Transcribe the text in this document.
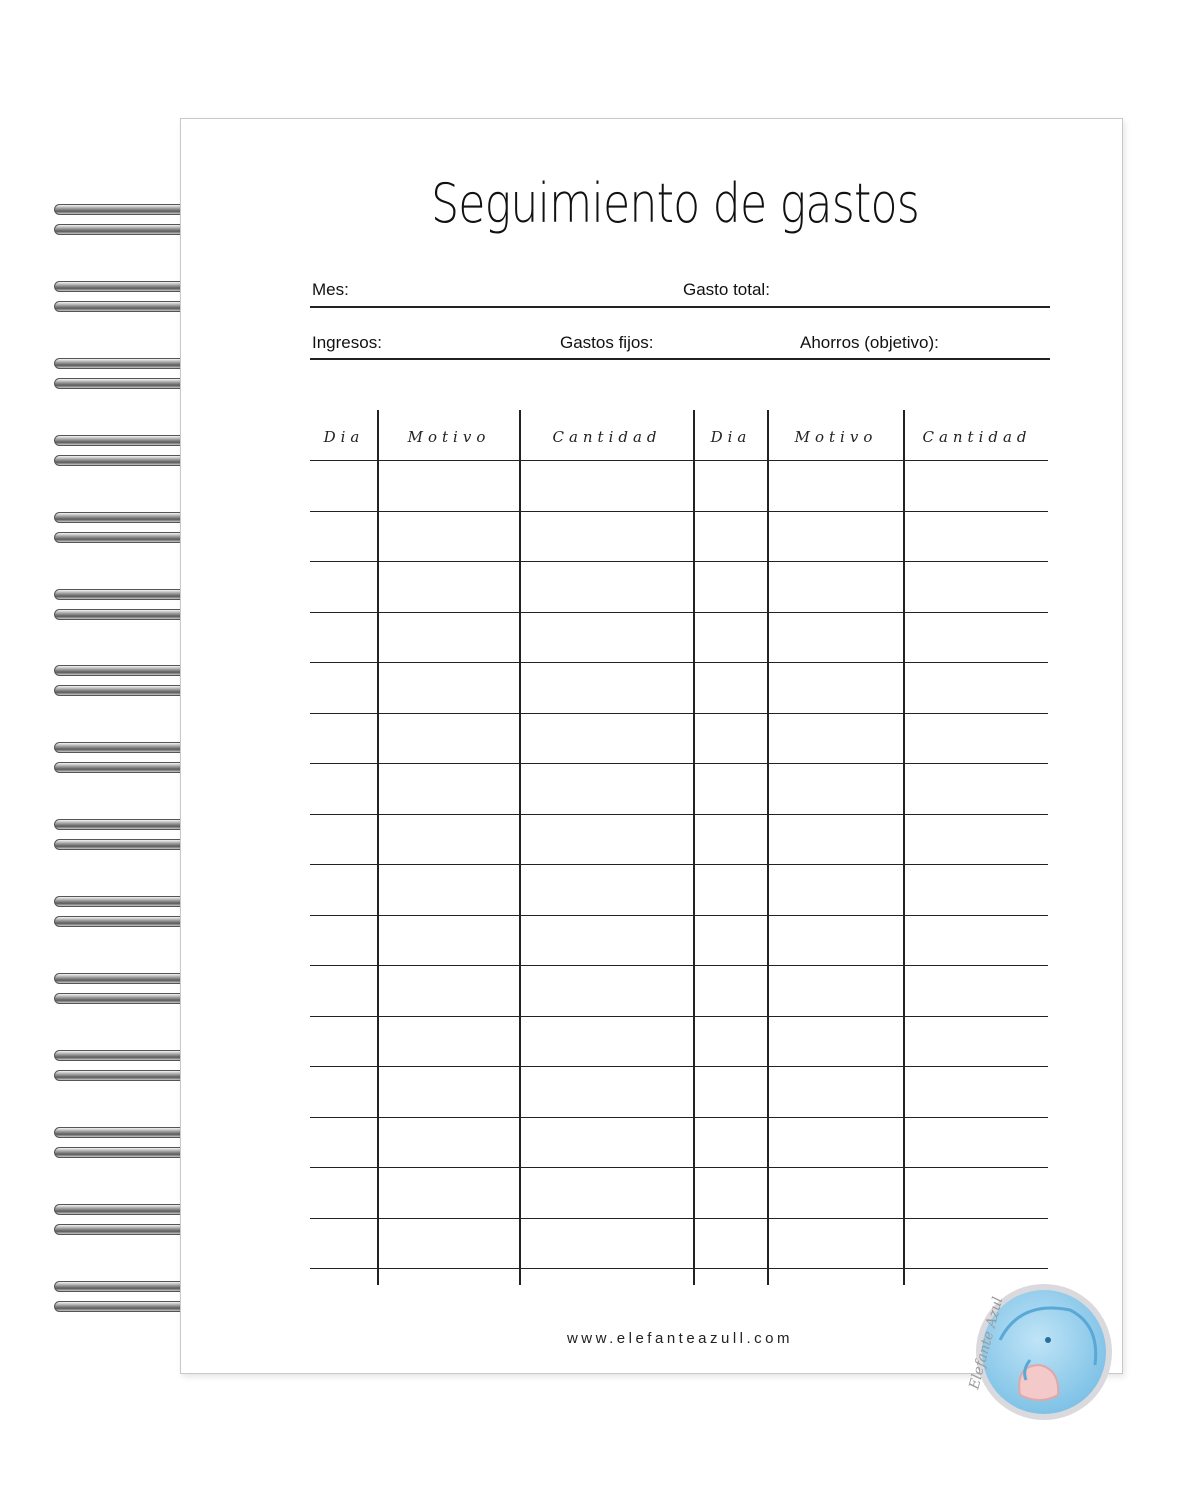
Seguimiento de gastos
Mes:	Gasto total:
Ingresos:	Gastos fijos:	Ahorros (objetivo):
Dia	Motivo	Cantidad	Dia	Motivo	Cantidad
www.elefanteazull.com	Elefante Azul
